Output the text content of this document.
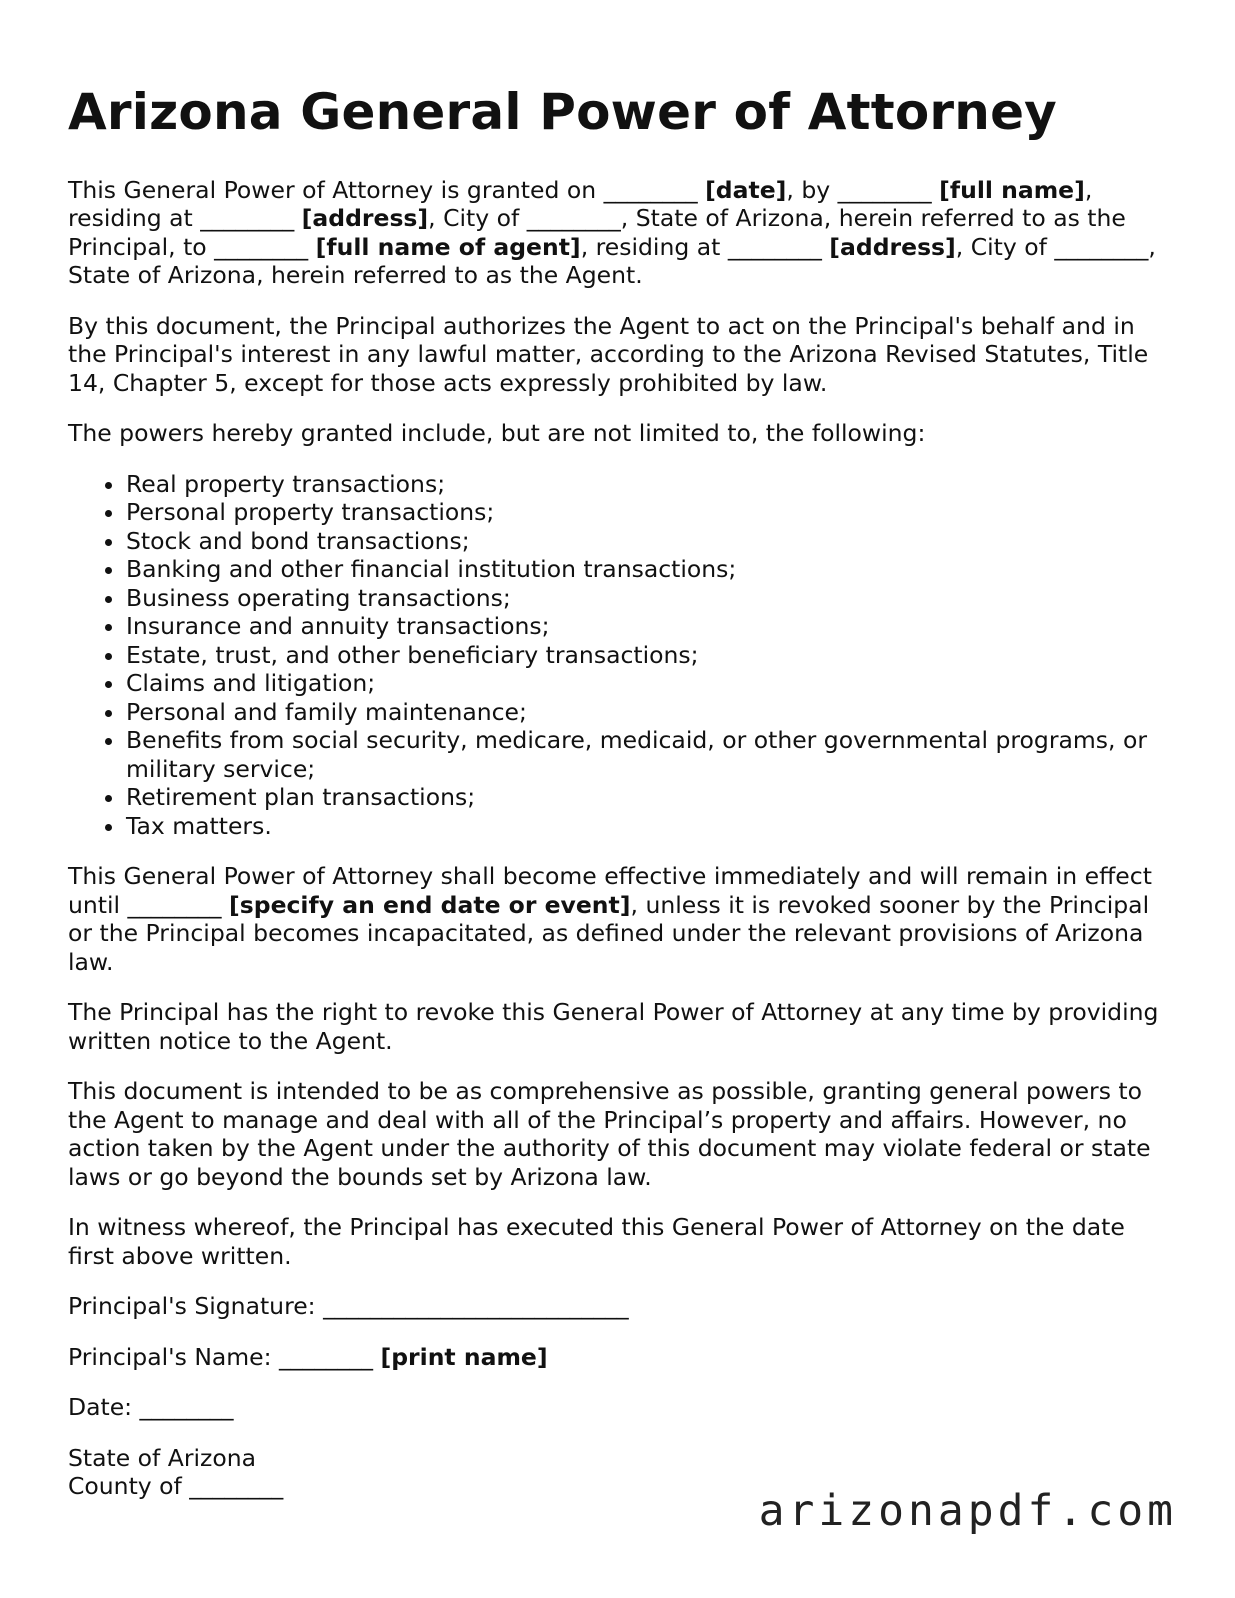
Arizona General Power of Attorney

This General Power of Attorney is granted on ________ [date], by ________ [full name], residing at ________ [address], City of ________, State of Arizona, herein referred to as the Principal, to ________ [full name of agent], residing at ________ [address], City of ________, State of Arizona, herein referred to as the Agent.

By this document, the Principal authorizes the Agent to act on the Principal's behalf and in the Principal's interest in any lawful matter, according to the Arizona Revised Statutes, Title 14, Chapter 5, except for those acts expressly prohibited by law.

The powers hereby granted include, but are not limited to, the following:

• Real property transactions;
• Personal property transactions;
• Stock and bond transactions;
• Banking and other financial institution transactions;
• Business operating transactions;
• Insurance and annuity transactions;
• Estate, trust, and other beneficiary transactions;
• Claims and litigation;
• Personal and family maintenance;
• Benefits from social security, medicare, medicaid, or other governmental programs, or military service;
• Retirement plan transactions;
• Tax matters.

This General Power of Attorney shall become effective immediately and will remain in effect until ________ [specify an end date or event], unless it is revoked sooner by the Principal or the Principal becomes incapacitated, as defined under the relevant provisions of Arizona law.

The Principal has the right to revoke this General Power of Attorney at any time by providing written notice to the Agent.

This document is intended to be as comprehensive as possible, granting general powers to the Agent to manage and deal with all of the Principal’s property and affairs. However, no action taken by the Agent under the authority of this document may violate federal or state laws or go beyond the bounds set by Arizona law.

In witness whereof, the Principal has executed this General Power of Attorney on the date first above written.

Principal's Signature: __________________________

Principal's Name: ________ [print name]

Date: ________

State of Arizona

County of ________	arizonapdf.com
